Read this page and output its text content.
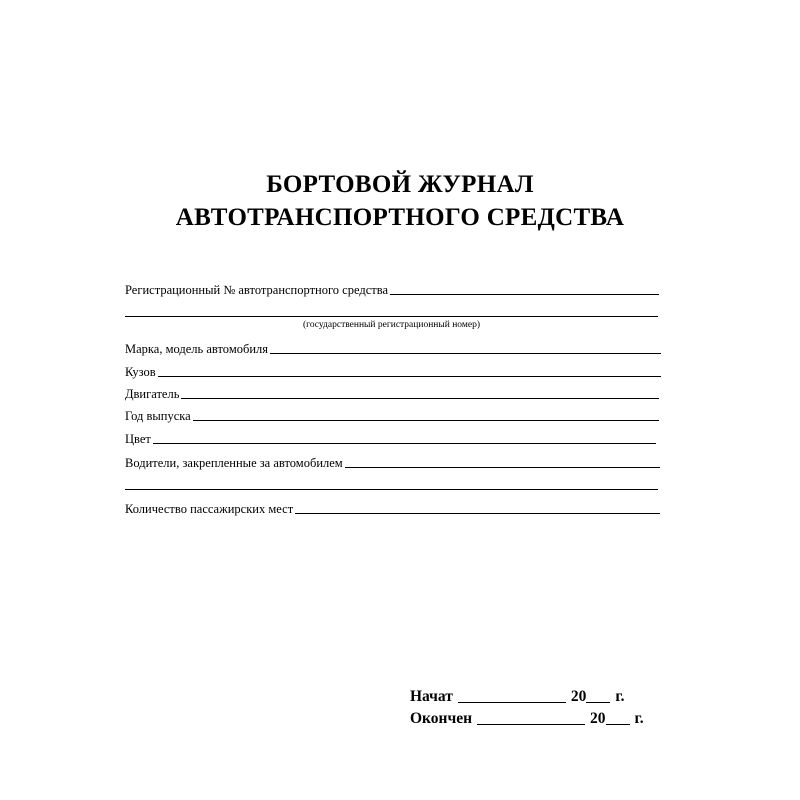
БОРТОВОЙ ЖУРНАЛ
АВТОТРАНСПОРТНОГО СРЕДСТВА
Регистрационный № автотранспортного средства
(государственный регистрационный номер)
Марка, модель автомобиля
Кузов
Двигатель
Год выпуска
Цвет
Водители, закрепленные за автомобилем
Количество пассажирских мест
Начат	20 г.
Окончен	20 г.
